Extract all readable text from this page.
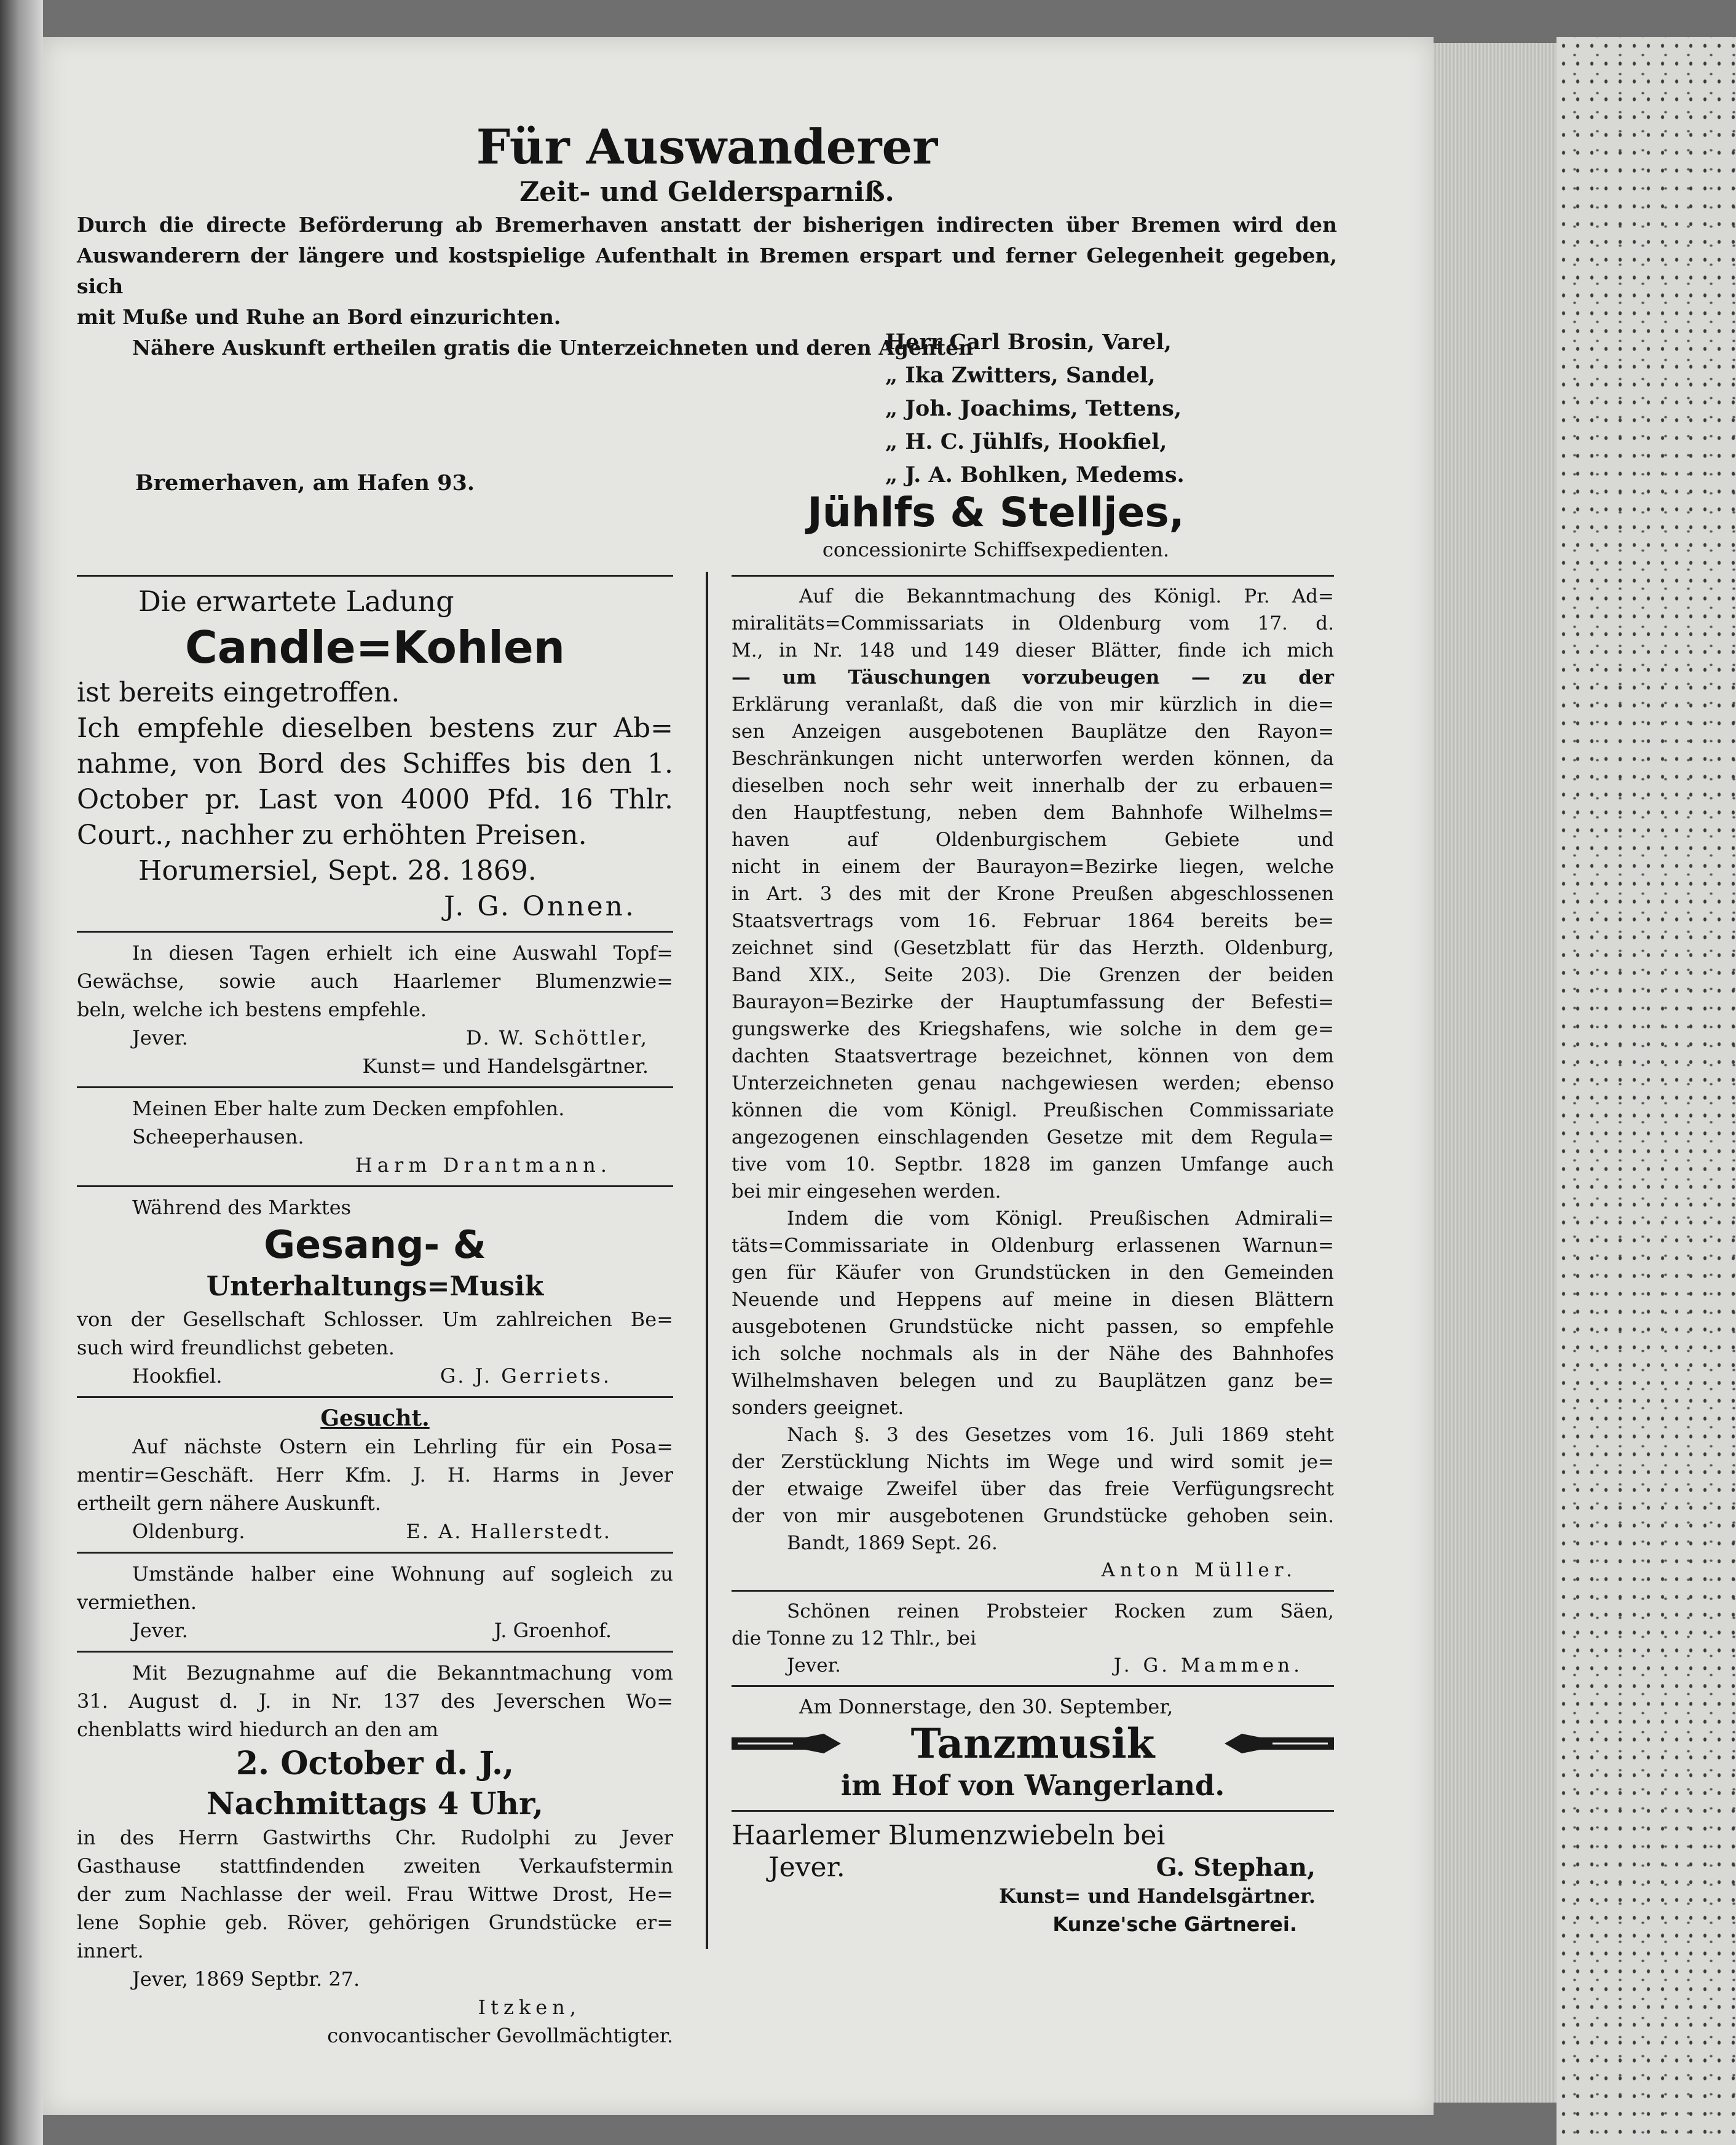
Für Auswanderer
Zeit- und Geldersparniß.
Durch die directe Beförderung ab Bremerhaven anstatt der bisherigen indirecten über Bremen wird den
Auswanderern der längere und kostspielige Aufenthalt in Bremen erspart und ferner Gelegenheit gegeben, sich
mit Muße und Ruhe an Bord einzurichten.
Nähere Auskunft ertheilen gratis die Unterzeichneten und deren Agenten
Herr Carl Brosin, Varel,
„ Ika Zwitters, Sandel,
„ Joh. Joachims, Tettens,
„ H. C. Jühlfs, Hookfiel,
„ J. A. Bohlken, Medems.
Bremerhaven, am Hafen 93.
Jühlfs & Stelljes,
concessionirte Schiffsexpedienten.
Die erwartete Ladung
Candle=Kohlen
ist bereits eingetroffen.
Ich empfehle dieselben bestens zur Ab=
nahme, von Bord des Schiffes bis den 1.
October pr. Last von 4000 Pfd. 16 Thlr.
Court., nachher zu erhöhten Preisen.
Horumersiel, Sept. 28. 1869.
J. G. Onnen.
In diesen Tagen erhielt ich eine Auswahl Topf=
Gewächse, sowie auch Haarlemer Blumenzwie=
beln, welche ich bestens empfehle.
Jever.	D. W. Schöttler,
Kunst= und Handelsgärtner.
Meinen Eber halte zum Decken empfohlen.
Scheeperhausen.
Harm Drantmann.
Während des Marktes
Gesang- &
Unterhaltungs=Musik
von der Gesellschaft Schlosser. Um zahlreichen Be=
such wird freundlichst gebeten.
Hookfiel.	G. J. Gerriets.
Gesucht.
Auf nächste Ostern ein Lehrling für ein Posa=
mentir=Geschäft. Herr Kfm. J. H. Harms in Jever
ertheilt gern nähere Auskunft.
Oldenburg.	E. A. Hallerstedt.
Umstände halber eine Wohnung auf sogleich zu
vermiethen.
Jever.	J. Groenhof.
Mit Bezugnahme auf die Bekanntmachung vom
31. August d. J. in Nr. 137 des Jeverschen Wo=
chenblatts wird hiedurch an den am
2. October d. J.,
Nachmittags 4 Uhr,
in des Herrn Gastwirths Chr. Rudolphi zu Jever
Gasthause stattfindenden zweiten Verkaufstermin
der zum Nachlasse der weil. Frau Wittwe Drost, He=
lene Sophie geb. Röver, gehörigen Grundstücke er=
innert.
Jever, 1869 Septbr. 27.
Itzken,
convocantischer Gevollmächtigter.
Auf die Bekanntmachung des Königl. Pr. Ad=
miralitäts=Commissariats in Oldenburg vom 17. d.
M., in Nr. 148 und 149 dieser Blätter, finde ich mich
— um Täuschungen vorzubeugen — zu der
Erklärung veranlaßt, daß die von mir kürzlich in die=
sen Anzeigen ausgebotenen Bauplätze den Rayon=
Beschränkungen nicht unterworfen werden können, da
dieselben noch sehr weit innerhalb der zu erbauen=
den Hauptfestung, neben dem Bahnhofe Wilhelms=
haven auf Oldenburgischem Gebiete und
nicht in einem der Baurayon=Bezirke liegen, welche
in Art. 3 des mit der Krone Preußen abgeschlossenen
Staatsvertrags vom 16. Februar 1864 bereits be=
zeichnet sind (Gesetzblatt für das Herzth. Oldenburg,
Band XIX., Seite 203). Die Grenzen der beiden
Baurayon=Bezirke der Hauptumfassung der Befesti=
gungswerke des Kriegshafens, wie solche in dem ge=
dachten Staatsvertrage bezeichnet, können von dem
Unterzeichneten genau nachgewiesen werden; ebenso
können die vom Königl. Preußischen Commissariate
angezogenen einschlagenden Gesetze mit dem Regula=
tive vom 10. Septbr. 1828 im ganzen Umfange auch
bei mir eingesehen werden.
Indem die vom Königl. Preußischen Admirali=
täts=Commissariate in Oldenburg erlassenen Warnun=
gen für Käufer von Grundstücken in den Gemeinden
Neuende und Heppens auf meine in diesen Blättern
ausgebotenen Grundstücke nicht passen, so empfehle
ich solche nochmals als in der Nähe des Bahnhofes
Wilhelmshaven belegen und zu Bauplätzen ganz be=
sonders geeignet.
Nach §. 3 des Gesetzes vom 16. Juli 1869 steht
der Zerstücklung Nichts im Wege und wird somit je=
der etwaige Zweifel über das freie Verfügungsrecht
der von mir ausgebotenen Grundstücke gehoben sein.
Bandt, 1869 Sept. 26.
Anton Müller.
Schönen reinen Probsteier Rocken zum Säen,
die Tonne zu 12 Thlr., bei
Jever.	J. G. Mammen.
Am Donnerstage, den 30. September,
Tanzmusik
im Hof von Wangerland.
Haarlemer Blumenzwiebeln bei
Jever.	G. Stephan,
Kunst= und Handelsgärtner.
Kunze'sche Gärtnerei.
